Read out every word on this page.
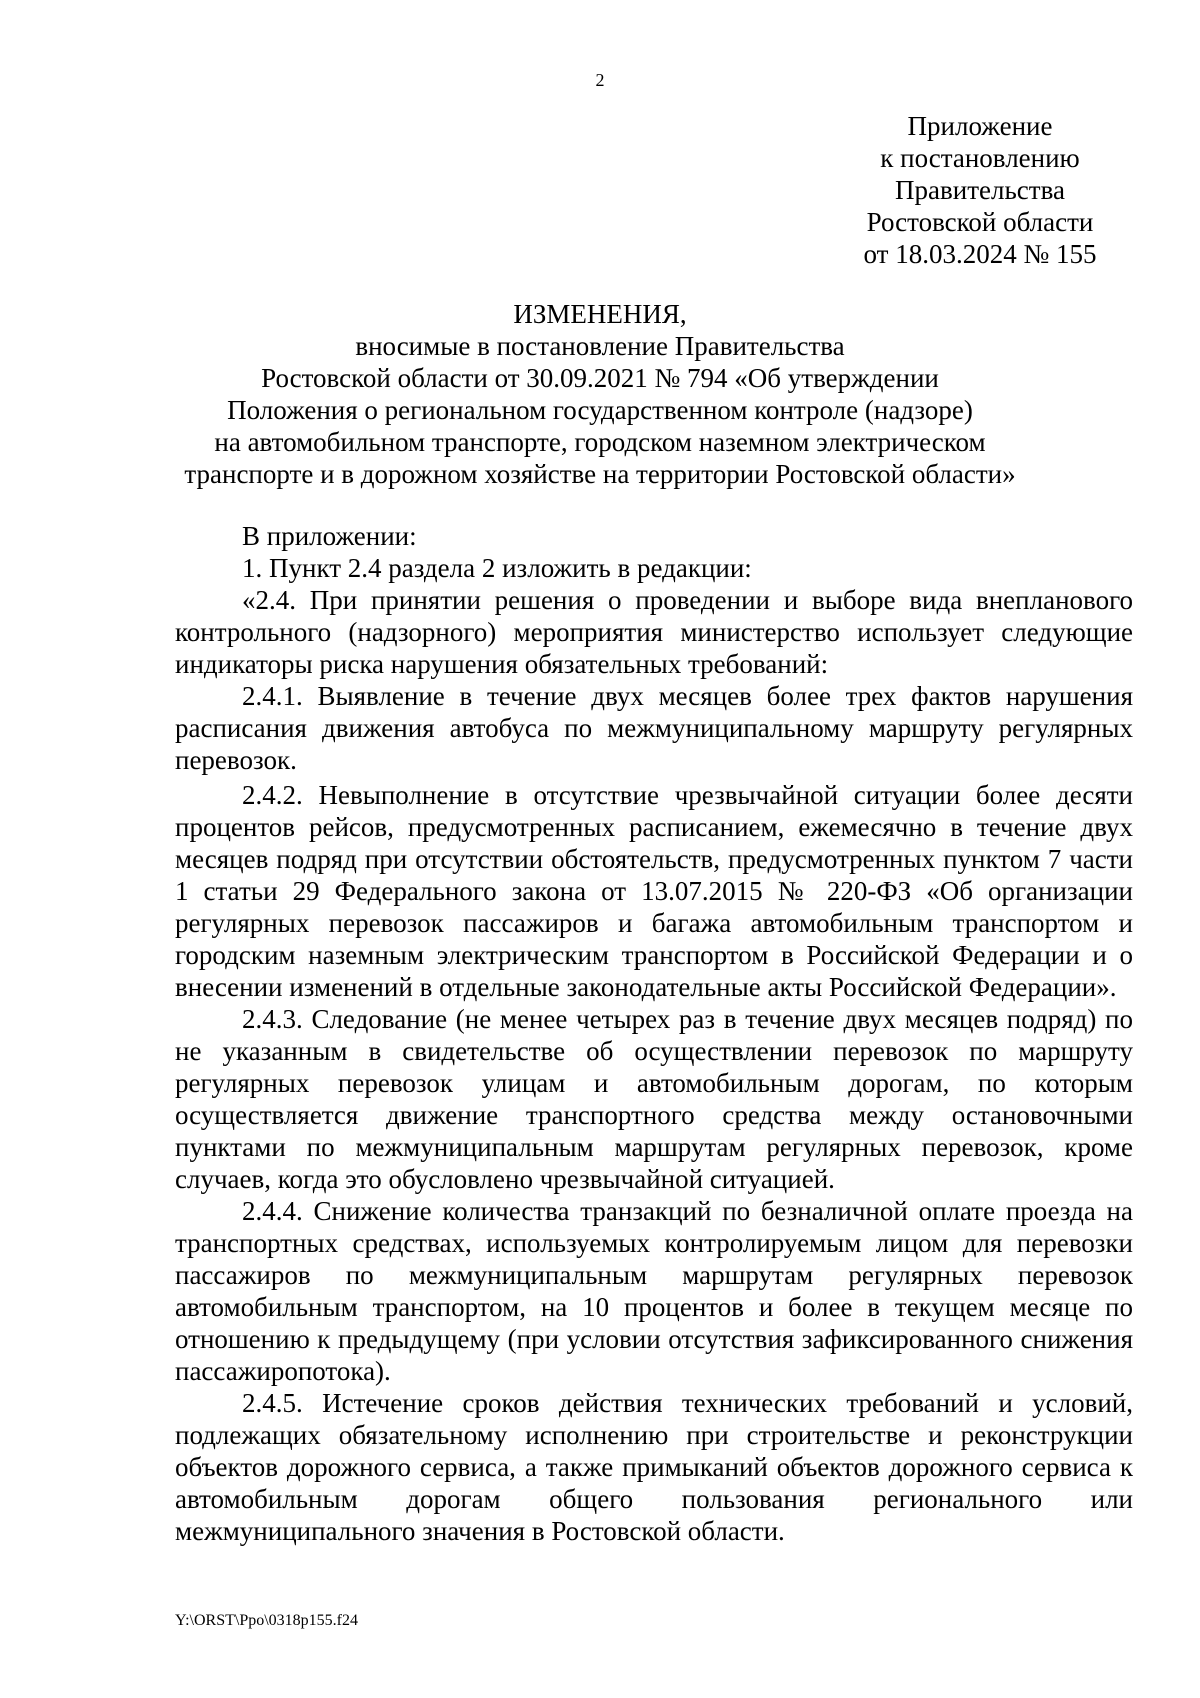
2
Приложение
к постановлению
Правительства
Ростовской области
от 18.03.2024 № 155
ИЗМЕНЕНИЯ,
вносимые в постановление Правительства
Ростовской области от 30.09.2021 № 794 «Об утверждении
Положения о региональном государственном контроле (надзоре)
на автомобильном транспорте, городском наземном электрическом
транспорте и в дорожном хозяйстве на территории Ростовской области»

В приложении:

1. Пункт 2.4 раздела 2 изложить в редакции:

«2.4. При принятии решения о проведении и выборе вида внепланового контрольного (надзорного) мероприятия министерство использует следующие индикаторы риска нарушения обязательных требований:

2.4.1. Выявление в течение двух месяцев более трех фактов нарушения расписания движения автобуса по межмуниципальному маршруту регулярных перевозок.

2.4.2. Невыполнение в отсутствие чрезвычайной ситуации более десяти процентов рейсов, предусмотренных расписанием, ежемесячно в течение двух месяцев подряд при отсутствии обстоятельств, предусмотренных пунктом 7 части 1 статьи 29 Федерального закона от 13.07.2015 № 220-ФЗ «Об организации регулярных перевозок пассажиров и багажа автомобильным транспортом и городским наземным электрическим транспортом в Российской Федерации и о внесении изменений в отдельные законодательные акты Российской Федерации».

2.4.3. Следование (не менее четырех раз в течение двух месяцев подряд) по не указанным в свидетельстве об осуществлении перевозок по маршруту регулярных перевозок улицам и автомобильным дорогам, по которым осуществляется движение транспортного средства между остановочными пунктами по межмуниципальным маршрутам регулярных перевозок, кроме случаев, когда это обусловлено чрезвычайной ситуацией.

2.4.4. Снижение количества транзакций по безналичной оплате проезда на транспортных средствах, используемых контролируемым лицом для перевозки пассажиров по межмуниципальным маршрутам регулярных перевозок автомобильным транспортом, на 10 процентов и более в текущем месяце по отношению к предыдущему (при условии отсутствия зафиксированного снижения пассажиропотока).

2.4.5. Истечение сроков действия технических требований и условий, подлежащих обязательному исполнению при строительстве и реконструкции объектов дорожного сервиса, а также примыканий объектов дорожного сервиса к автомобильным дорогам общего пользования регионального или межмуниципального значения в Ростовской области.

Y:\ORST\Ppo\0318p155.f24
